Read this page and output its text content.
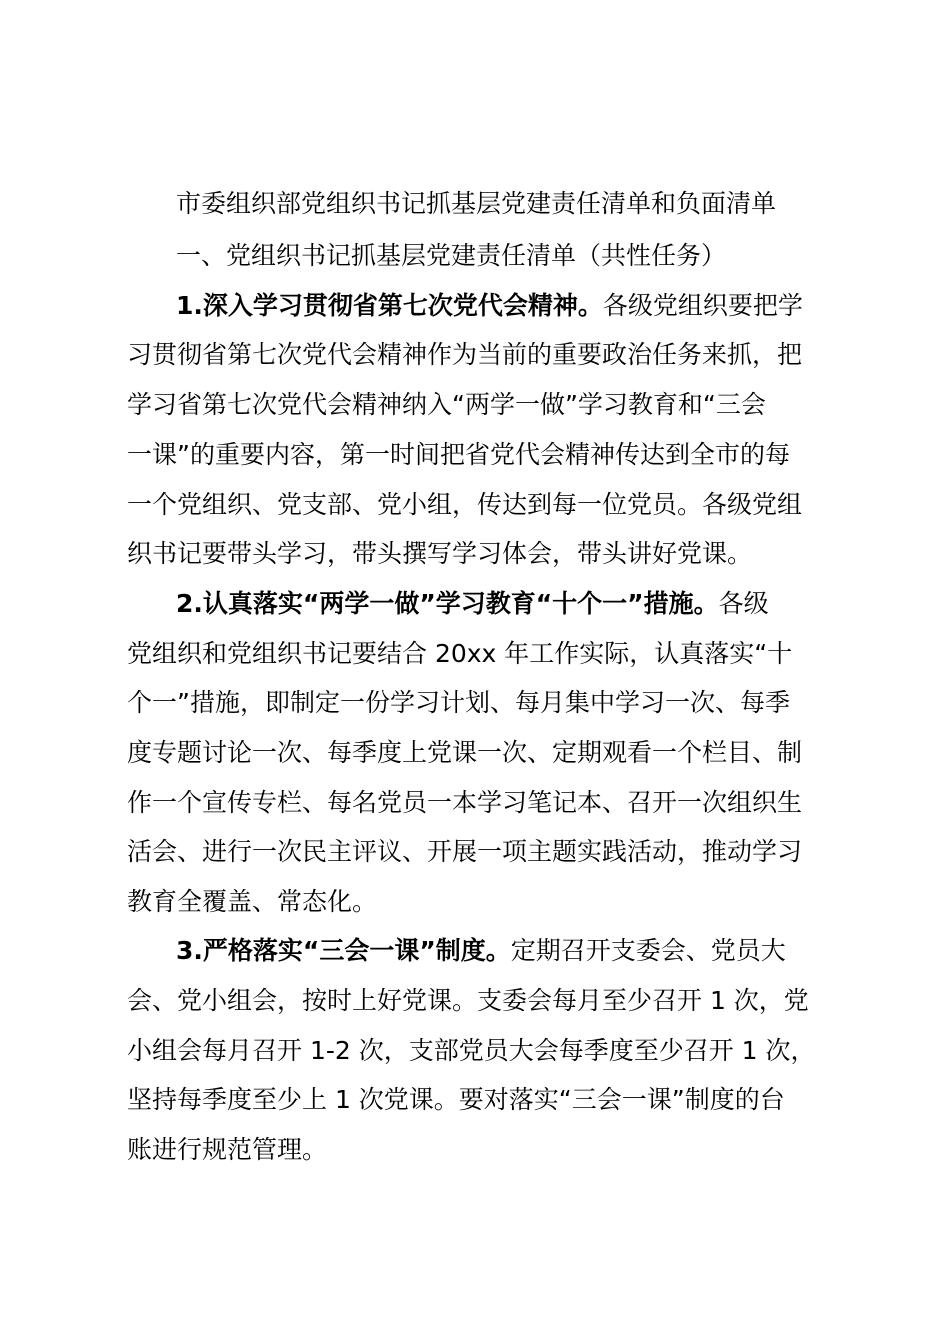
市委组织部党组织书记抓基层党建责任清单和负面清单
一、党组织书记抓基层党建责任清单（共性任务）
1.深入学习贯彻省第七次党代会精神。各级党组织要把学
习贯彻省第七次党代会精神作为当前的重要政治任务来抓，把
学习省第七次党代会精神纳入“两学一做”学习教育和“三会
一课”的重要内容，第一时间把省党代会精神传达到全市的每
一个党组织、党支部、党小组，传达到每一位党员。各级党组
织书记要带头学习，带头撰写学习体会，带头讲好党课。
2.认真落实“两学一做”学习教育“十个一”措施。各级
党组织和党组织书记要结合 20xx 年工作实际，认真落实“十
个一”措施，即制定一份学习计划、每月集中学习一次、每季
度专题讨论一次、每季度上党课一次、定期观看一个栏目、制
作一个宣传专栏、每名党员一本学习笔记本、召开一次组织生
活会、进行一次民主评议、开展一项主题实践活动，推动学习
教育全覆盖、常态化。
3.严格落实“三会一课”制度。定期召开支委会、党员大
会、党小组会，按时上好党课。支委会每月至少召开 1 次，党
小组会每月召开 1-2 次，支部党员大会每季度至少召开 1 次，
坚持每季度至少上 1 次党课。要对落实“三会一课”制度的台
账进行规范管理。
